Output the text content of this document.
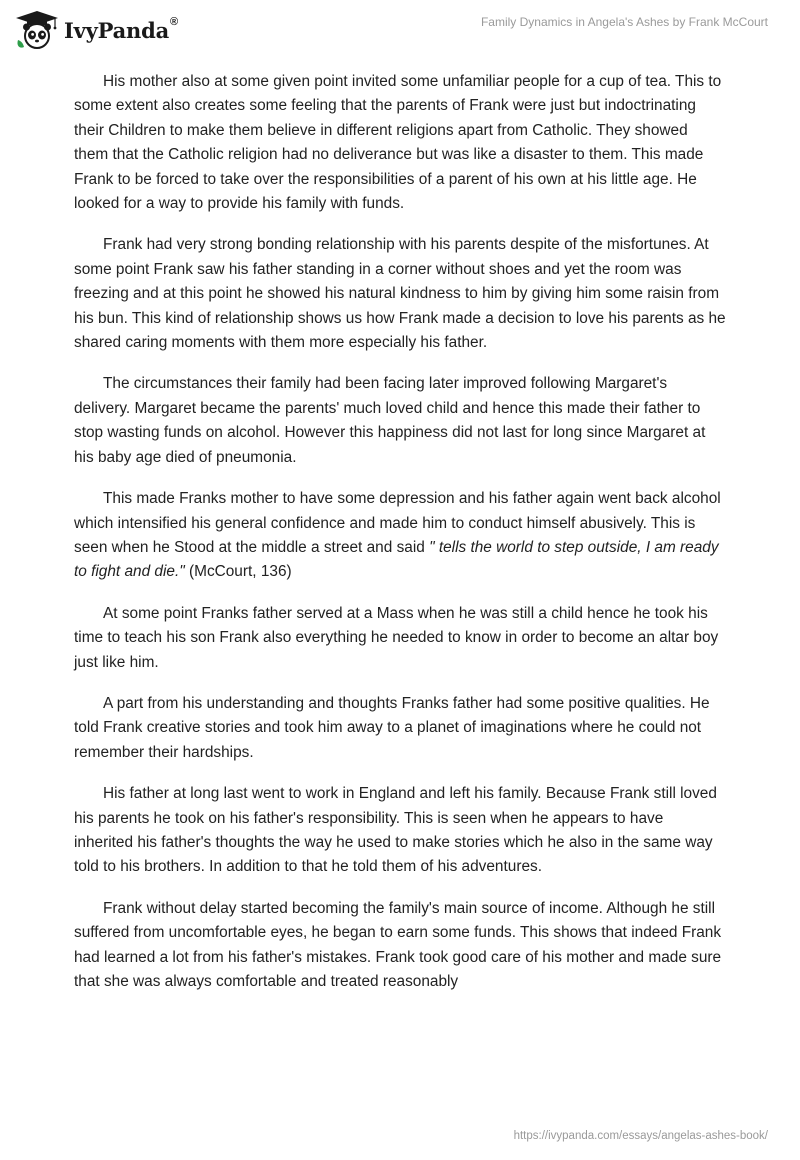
IvyPanda®	Family Dynamics in Angela's Ashes by Frank McCourt

His mother also at some given point invited some unfamiliar people for a cup of tea. This to some extent also creates some feeling that the parents of Frank were just but indoctrinating their Children to make them believe in different religions apart from Catholic. They showed them that the Catholic religion had no deliverance but was like a disaster to them. This made Frank to be forced to take over the responsibilities of a parent of his own at his little age. He looked for a way to provide his family with funds.

Frank had very strong bonding relationship with his parents despite of the misfortunes. At some point Frank saw his father standing in a corner without shoes and yet the room was freezing and at this point he showed his natural kindness to him by giving him some raisin from his bun. This kind of relationship shows us how Frank made a decision to love his parents as he shared caring moments with them more especially his father.

The circumstances their family had been facing later improved following Margaret's delivery. Margaret became the parents' much loved child and hence this made their father to stop wasting funds on alcohol. However this happiness did not last for long since Margaret at his baby age died of pneumonia.

This made Franks mother to have some depression and his father again went back alcohol which intensified his general confidence and made him to conduct himself abusively. This is seen when he Stood at the middle a street and said " tells the world to step outside, I am ready to fight and die." (McCourt, 136)

At some point Franks father served at a Mass when he was still a child hence he took his time to teach his son Frank also everything he needed to know in order to become an altar boy just like him.

A part from his understanding and thoughts Franks father had some positive qualities. He told Frank creative stories and took him away to a planet of imaginations where he could not remember their hardships.

His father at long last went to work in England and left his family. Because Frank still loved his parents he took on his father's responsibility. This is seen when he appears to have inherited his father's thoughts the way he used to make stories which he also in the same way told to his brothers. In addition to that he told them of his adventures.

Frank without delay started becoming the family's main source of income. Although he still suffered from uncomfortable eyes, he began to earn some funds. This shows that indeed Frank had learned a lot from his father's mistakes. Frank took good care of his mother and made sure that she was always comfortable and treated reasonably

https://ivypanda.com/essays/angelas-ashes-book/
